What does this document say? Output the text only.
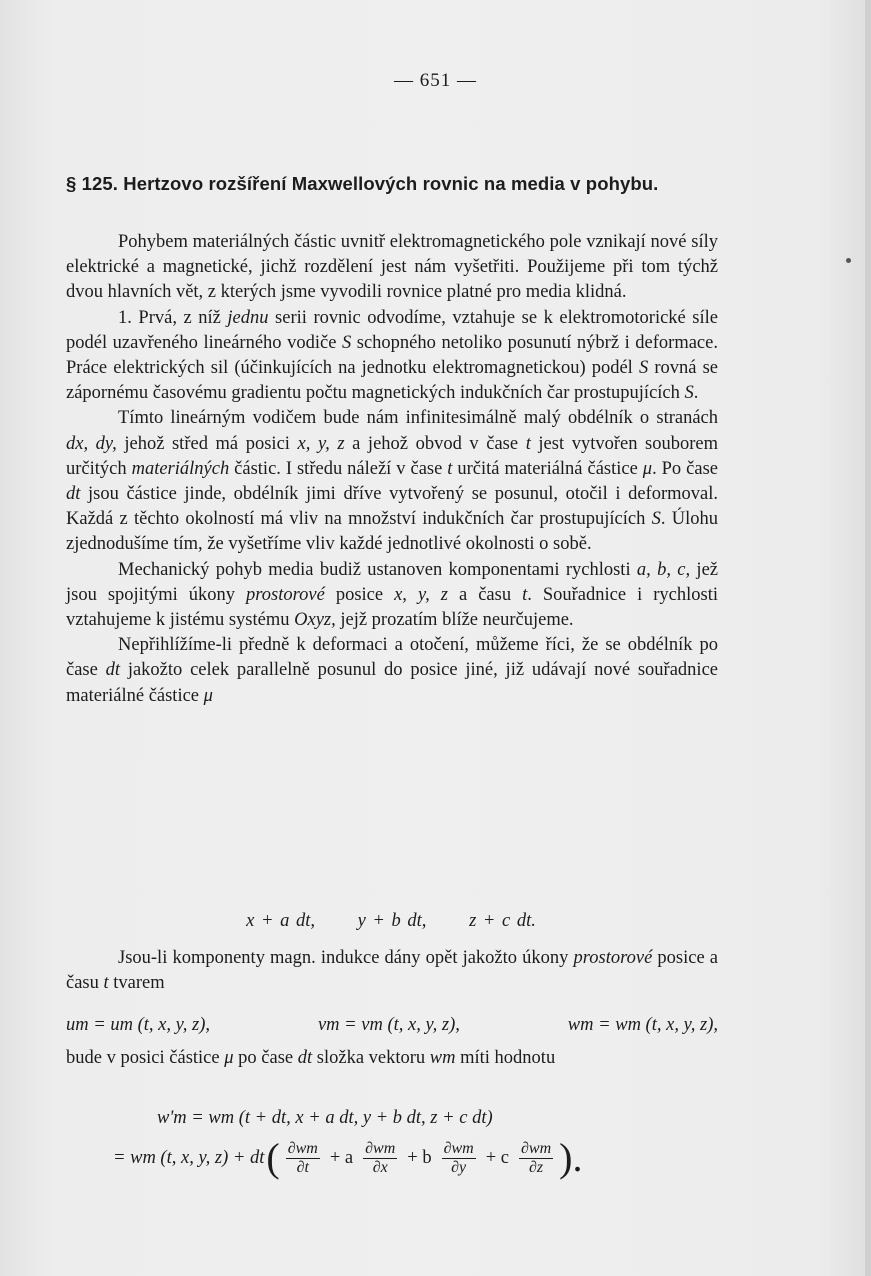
— 651 —
§ 125. Hertzovo rozšíření Maxwellových rovnic na media v pohybu.

Pohybem materiálných částic uvnitř elektromagnetického pole vznikají nové síly elektrické a magnetické, jichž rozdělení jest nám vyšetřiti. Použijeme při tom týchž dvou hlavních vět, z kterých jsme vyvodili rovnice platné pro media klidná.

1. Prvá, z níž jednu serii rovnic odvodíme, vztahuje se k elektromotorické síle podél uzavřeného lineárného vodiče S schopného netoliko posunutí nýbrž i deformace. Práce elektrických sil (účinkujících na jednotku elektromagnetickou) podél S rovná se zápornému časovému gradientu počtu magnetických indukčních čar prostupujících S.

Tímto lineárným vodičem bude nám infinitesimálně malý obdélník o stranách dx, dy, jehož střed má posici x, y, z a jehož obvod v čase t jest vytvořen souborem určitých materiálných částic. I středu náleží v čase t určitá materiálná částice μ. Po čase dt jsou částice jinde, obdélník jimi dříve vytvořený se posunul, otočil i deformoval. Každá z těchto okolností má vliv na množství indukčních čar prostupujících S. Úlohu zjednodušíme tím, že vyšetříme vliv každé jednotlivé okolnosti o sobě.

Mechanický pohyb media budiž ustanoven komponentami rychlosti a, b, c, jež jsou spojitými úkony prostorové posice x, y, z a času t. Souřadnice i rychlosti vztahujeme k jistému systému Oxyz, jejž prozatím blíže neurčujeme.

Nepřihlížíme-li předně k deformaci a otočení, můžeme říci, že se obdélník po čase dt jakožto celek parallelně posunul do posice jiné, již udávají nové souřadnice materiálné částice μ

x + a dt, y + b dt, z + c dt.

Jsou-li komponenty magn. indukce dány opět jakožto úkony prostorové posice a času t tvarem

um = um (t, x, y, z),	vm = vm (t, x, y, z),	wm = wm (t, x, y, z),

bude v posici částice μ po čase dt složka vektoru wm míti hodnotu

w'm = wm (t + dt, x + a dt, y + b dt, z + c dt)
= wm (t, x, y, z) + dt ( $\frac{\partial wm}{\partial t} + a \frac{\partial wm}{\partial x} + b \frac{\partial wm}{\partial y} + c \frac{\partial wm}{\partial z}$ ).
